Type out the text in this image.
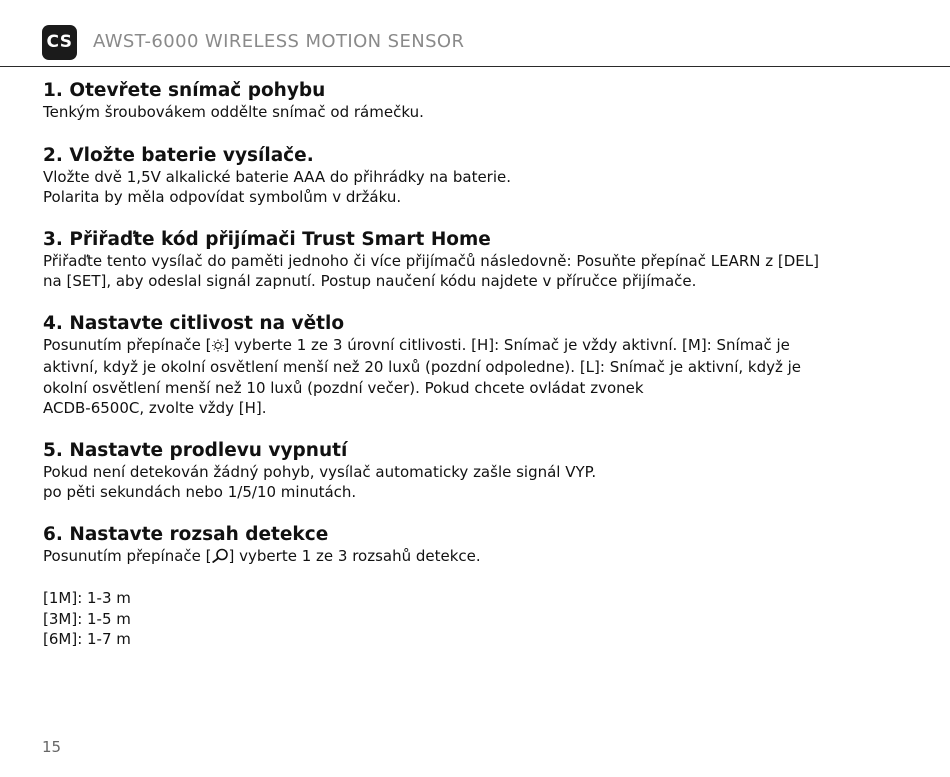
CS AWST-6000 WIRELESS MOTION SENSOR
1. Otevřete snímač pohybu

Tenkým šroubovákem oddělte snímač od rámečku.

2. Vložte baterie vysílače.

Vložte dvě 1,5V alkalické baterie AAA do přihrádky na baterie.

Polarita by měla odpovídat symbolům v držáku.

3. Přiřaďte kód přijímači Trust Smart Home

Přiřaďte tento vysílač do paměti jednoho či více přijímačů následovně: Posuňte přepínač LEARN z [DEL]

na [SET], aby odeslal signál zapnutí. Postup naučení kódu najdete v příručce přijímače.

4. Nastavte citlivost na větlo

Posunutím přepínače [ ] vyberte 1 ze 3 úrovní citlivosti. [H]: Snímač je vždy aktivní. [M]: Snímač je

aktivní, když je okolní osvětlení menší než 20 luxů (pozdní odpoledne). [L]: Snímač je aktivní, když je

okolní osvětlení menší než 10 luxů (pozdní večer). Pokud chcete ovládat zvonek

ACDB-6500C, zvolte vždy [H].

5. Nastavte prodlevu vypnutí

Pokud není detekován žádný pohyb, vysílač automaticky zašle signál VYP.

po pěti sekundách nebo 1/5/10 minutách.

6. Nastavte rozsah detekce

Posunutím přepínače [ ] vyberte 1 ze 3 rozsahů detekce.

[1M]: 1-3 m

[3M]: 1-5 m

[6M]: 1-7 m

15
